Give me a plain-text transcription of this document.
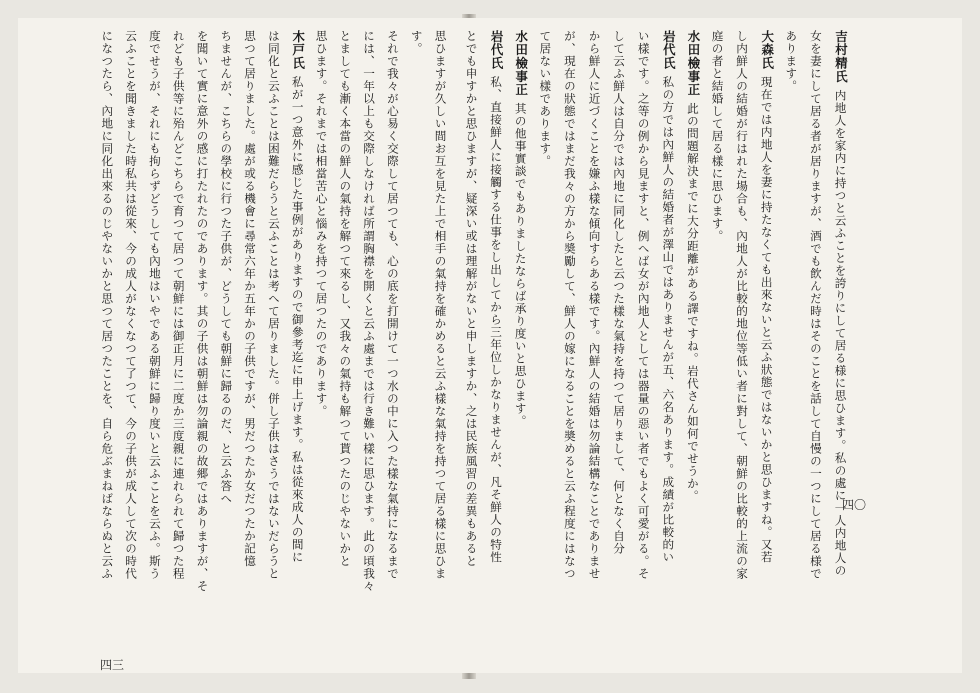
吉村精氏内地人を家内に持つと云ふことを誇りにして居る様に思ひます。私の處に一人内地人の
女を妻にして居る者が居りますが、酒でも飲んだ時はそのことを話して自慢の一つにして居る様で
あります。
大森氏現在では内地人を妻に持たなくても出來ないと云ふ狀態ではないかと思ひますね。又若
し内鮮人の結婚が行はれた場合も、內地人が比較的地位等低い者に對して、朝鮮の比較的上流の家
庭の者と結婚して居る樣に思ひます。
水田檢事正此の問題解決までに大分距離がある譯ですね。岩代さん如何でせうか。
岩代氏私の方では內鮮人の結婚者が澤山ではありませんが五、六名あります。成績が比較的い
い樣です。之等の例から見ますと、例へば女が內地人としては器量の惡い者でもよく可愛がる。そ
して云ふ鮮人は自分では內地に同化したと云つた樣な氣持を持つて居りまして、何となく自分
から鮮人に近づくことを嫌ふ樣な傾向すらある樣です。內鮮人の結婚は勿論結構なことでありませ
が、現在の狀態ではまだ我々の方から奬勵して、鮮人の嫁になることを奬めると云ふ程度にはなつ
て居ない樣であります。
水田檢事正其の他事實談でもありましたならば承り度いと思ひます。
岩代氏私、直接鮮人に接觸する仕事をし出してから三年位しかなりませんが、凡そ鮮人の特性
とでも申すかと思ひますが、疑深い或は理解がないと申しますか、之は民族風習の差異もあると
思ひますが久しい間お互を見た上で相手の氣持を確かめると云ふ樣な氣持を持つて居る樣に思ひま
す。
それで我々が心易く交際して居つても、心の底を打開けて一つ水の中に入つた樣な氣持になるまで
には、一年以上も交際しなければ所謂胸襟を開くと云ふ處までは行き難い樣に思ひます。此の頃我々
とましても漸く本當の鮮人の氣持を解つて來るし、又我々の氣持も解つて貰つたのじやないかと
思ひます。それまでは相當苦心と惱みを持つて居つたのであります。
木戸氏私が一つ意外に感じた事例がありますので御參考迄に申上げます。私は從來成人の間に
は同化と云ふことは困難だらうと云ふことは考へて居りました。併し子供はさうではないだらうと
思つて居りました。處が或る機會に尋常六年か五年かの子供ですが、男だつたか女だつたか記憶
ちませんが、こちらの學校に行つた子供が、どうしても朝鮮に歸るのだ、と云ふ答へ
を聞いて實に意外の感に打たれたのであります。其の子供は朝鮮は勿論親の故郷ではありますが、そ
れども子供等に殆んどこちらで育つて居つて朝鮮には御正月に二度か三度親に連れられて歸つた程
度でせうが、それにも拘らずどうしても內地はいやである朝鮮に歸り度いと云ふことを云ふ。斯う
云ふことを聞きました時私共は從來、今の成人がなくなつて了つて、今の子供が成人して次の時代
になつたら、內地に同化出來るのじやないかと思つて居つたことを、自ら危ぶまねばならぬと云ふ	四〇
四三
